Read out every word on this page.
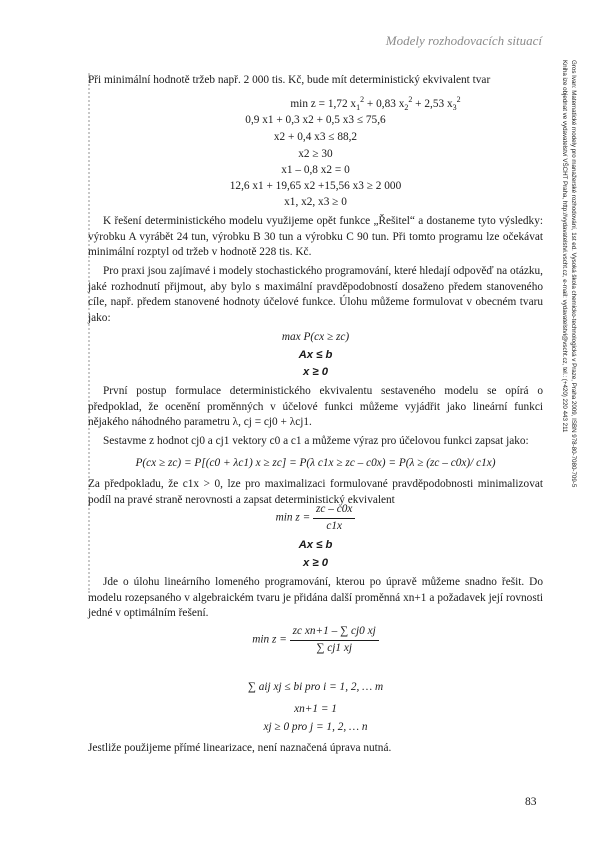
Modely rozhodovacích situací
Gros Ivan: Matematické modely pro manažerské rozhodování, 1st ed. Vysoká škola chemicko-technologická v Praze, Praha 2009, ISBN 978-80-7080-709-5
Kniha ize objednat ve vydavatelství VŠCHT Praha, http://vydavatelstvi.vscht.cz, e-mail: vydavatelstvi@vscht.cz, tel.: (+420) 220 443 211
Při minimální hodnotě tržeb např. 2 000 tis. Kč, bude mít deterministický ekvivalent tvar
min z = 1,72 $x_1^2 + 0,83$ $x_2^2 + 2,53$ $x_3^2$
0,9 x1 + 0,3 x2 + 0,5 x3 ≤ 75,6
x2 + 0,4 x3 ≤ 88,2
x2 ≥ 30
x1 – 0,8 x2 = 0
12,6 x1 + 19,65 x2 +15,56 x3 ≥ 2 000
x1, x2, x3 ≥ 0
K řešení deterministického modelu využijeme opět funkce „Řešitel“ a dostaneme tyto výsledky: výrobku A vyrábět 24 tun, výrobku B 30 tun a výrobku C 90 tun. Při tomto programu lze očekávat minimální rozptyl od tržeb v hodnotě 228 tis. Kč.
Pro praxi jsou zajímavé i modely stochastického programování, které hledají odpověď na otázku, jaké rozhodnutí přijmout, aby bylo s maximální pravděpodobností dosaženo předem stanoveného cíle, např. předem stanovené hodnoty účelové funkce. Úlohu můžeme formulovat v obecném tvaru jako:
max P(cx ≥ zc)
Ax ≤ b
x ≥ 0
První postup formulace deterministického ekvivalentu sestaveného modelu se opírá o předpoklad, že ocenění proměnných v účelové funkci můžeme vyjádřit jako lineární funkci nějakého náhodného parametru λ, cj = cj0 + λcj1.
Sestavme z hodnot cj0 a cj1 vektory c0 a c1 a můžeme výraz pro účelovou funkci zapsat jako:
P(cx ≥ zc) = P[(c0 + λc1) x ≥ zc] = P(λ c1x ≥ zc – c0x) = P(λ ≥ (zc – c0x)/ c1x)
Za předpokladu, že c1x > 0, lze pro maximalizaci formulované pravděpodobnosti minimalizovat podíl na pravé straně nerovnosti a zapsat deterministický ekvivalent
$\min z = \frac{zc - c0x}{c1x}$
Ax ≤ b
x ≥ 0
Jde o úlohu lineárního lomeného programování, kterou po úpravě můžeme snadno řešit. Do modelu rozepsaného v algebraickém tvaru je přidána další proměnná xn+1 a požadavek její rovnosti jedné v optimálním řešení.
$\min z = \frac{\text{zc xn+1 – ∑ cj0 xj}}{\sum cj1 xj}$
∑ aij xj ≤ bi pro i = 1, 2, … m
xn+1 = 1
xj ≥ 0 pro j = 1, 2, … n
Jestliže použijeme přímé linearizace, není naznačená úprava nutná.
83
